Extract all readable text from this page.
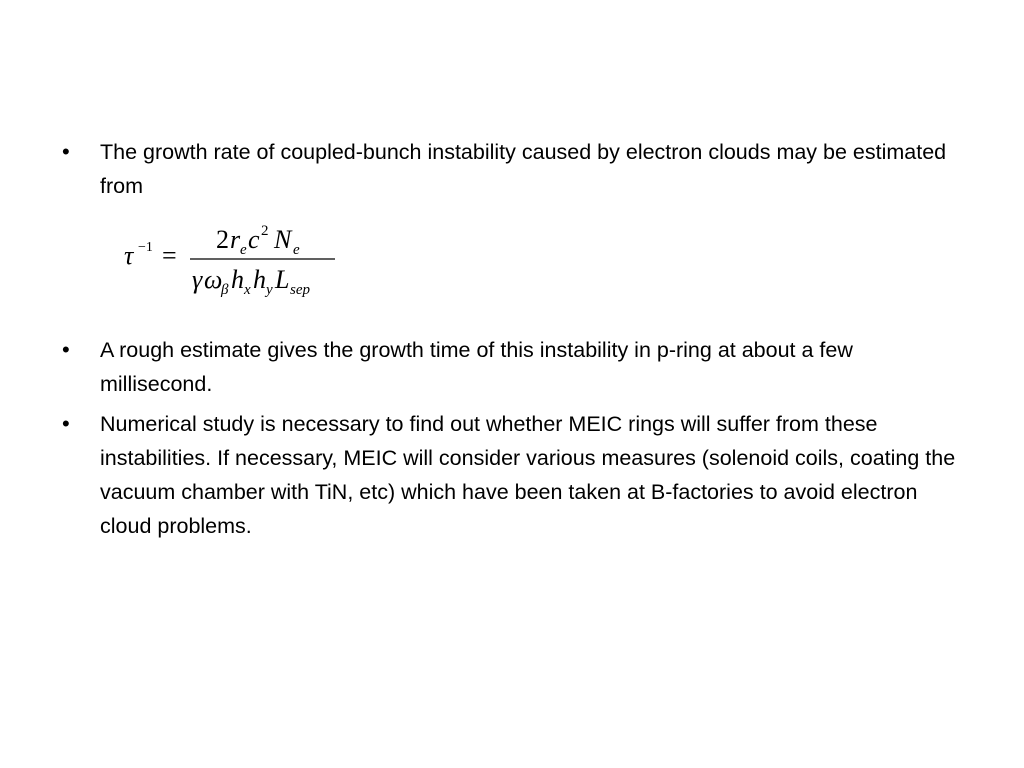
•	The growth rate of coupled-bunch instability caused by electron clouds may be estimated from
τ −1 =
2 r e c 2 N e
γ ω
β h x h y L sep
•	A rough estimate gives the growth time of this instability in p-ring at about a few millisecond.
•	Numerical study is necessary to find out whether MEIC rings will suffer from these instabilities. If necessary, MEIC will consider various measures (solenoid coils, coating the vacuum chamber with TiN, etc) which have been taken at B-factories to avoid electron cloud problems.
